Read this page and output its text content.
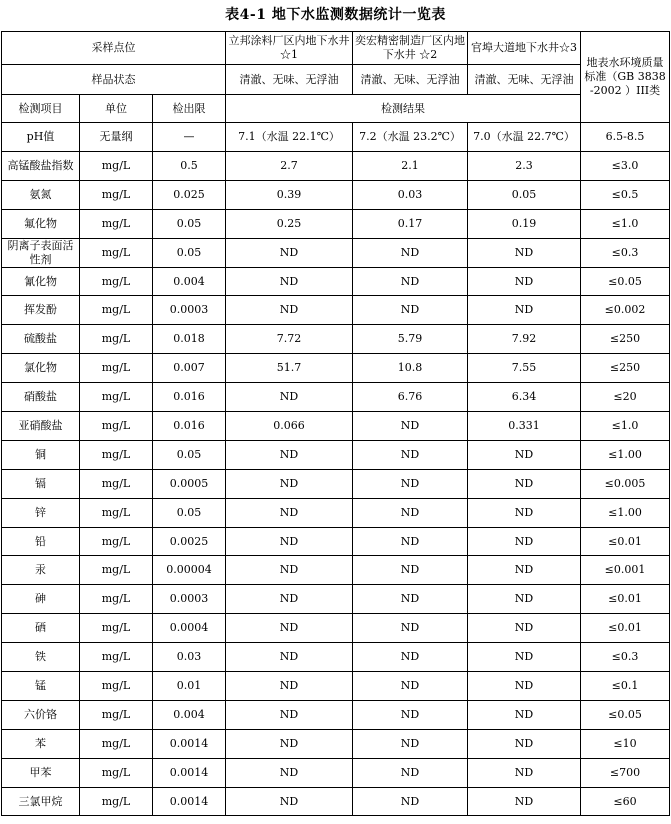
表4-1 地下水监测数据统计一览表
采样点位			立邦涂料厂区内地下水井☆1	奕宏精密制造厂区内地下水井 ☆2	官埠大道地下水井☆3	地表水环境质量标准（GB 3838-2002 ）III类
样品状态			清澈、无味、无浮油	清澈、无味、无浮油	清澈、无味、无浮油	
检测项目	单位	检出限	检测结果			
pH值	无量纲	—	7.1（水温 22.1℃）	7.2（水温 23.2℃）	7.0（水温 22.7℃）	6.5-8.5
高锰酸盐指数	mg/L	0.5	2.7	2.1	2.3	≤3.0
氨氮	mg/L	0.025	0.39	0.03	0.05	≤0.5
氟化物	mg/L	0.05	0.25	0.17	0.19	≤1.0
阴离子表面活性剂	mg/L	0.05	ND	ND	ND	≤0.3
氰化物	mg/L	0.004	ND	ND	ND	≤0.05
挥发酚	mg/L	0.0003	ND	ND	ND	≤0.002
硫酸盐	mg/L	0.018	7.72	5.79	7.92	≤250
氯化物	mg/L	0.007	51.7	10.8	7.55	≤250
硝酸盐	mg/L	0.016	ND	6.76	6.34	≤20
亚硝酸盐	mg/L	0.016	0.066	ND	0.331	≤1.0
铜	mg/L	0.05	ND	ND	ND	≤1.00
镉	mg/L	0.0005	ND	ND	ND	≤0.005
锌	mg/L	0.05	ND	ND	ND	≤1.00
铅	mg/L	0.0025	ND	ND	ND	≤0.01
汞	mg/L	0.00004	ND	ND	ND	≤0.001
砷	mg/L	0.0003	ND	ND	ND	≤0.01
硒	mg/L	0.0004	ND	ND	ND	≤0.01
铁	mg/L	0.03	ND	ND	ND	≤0.3
锰	mg/L	0.01	ND	ND	ND	≤0.1
六价铬	mg/L	0.004	ND	ND	ND	≤0.05
苯	mg/L	0.0014	ND	ND	ND	≤10
甲苯	mg/L	0.0014	ND	ND	ND	≤700
三氯甲烷	mg/L	0.0014	ND	ND	ND	≤60
